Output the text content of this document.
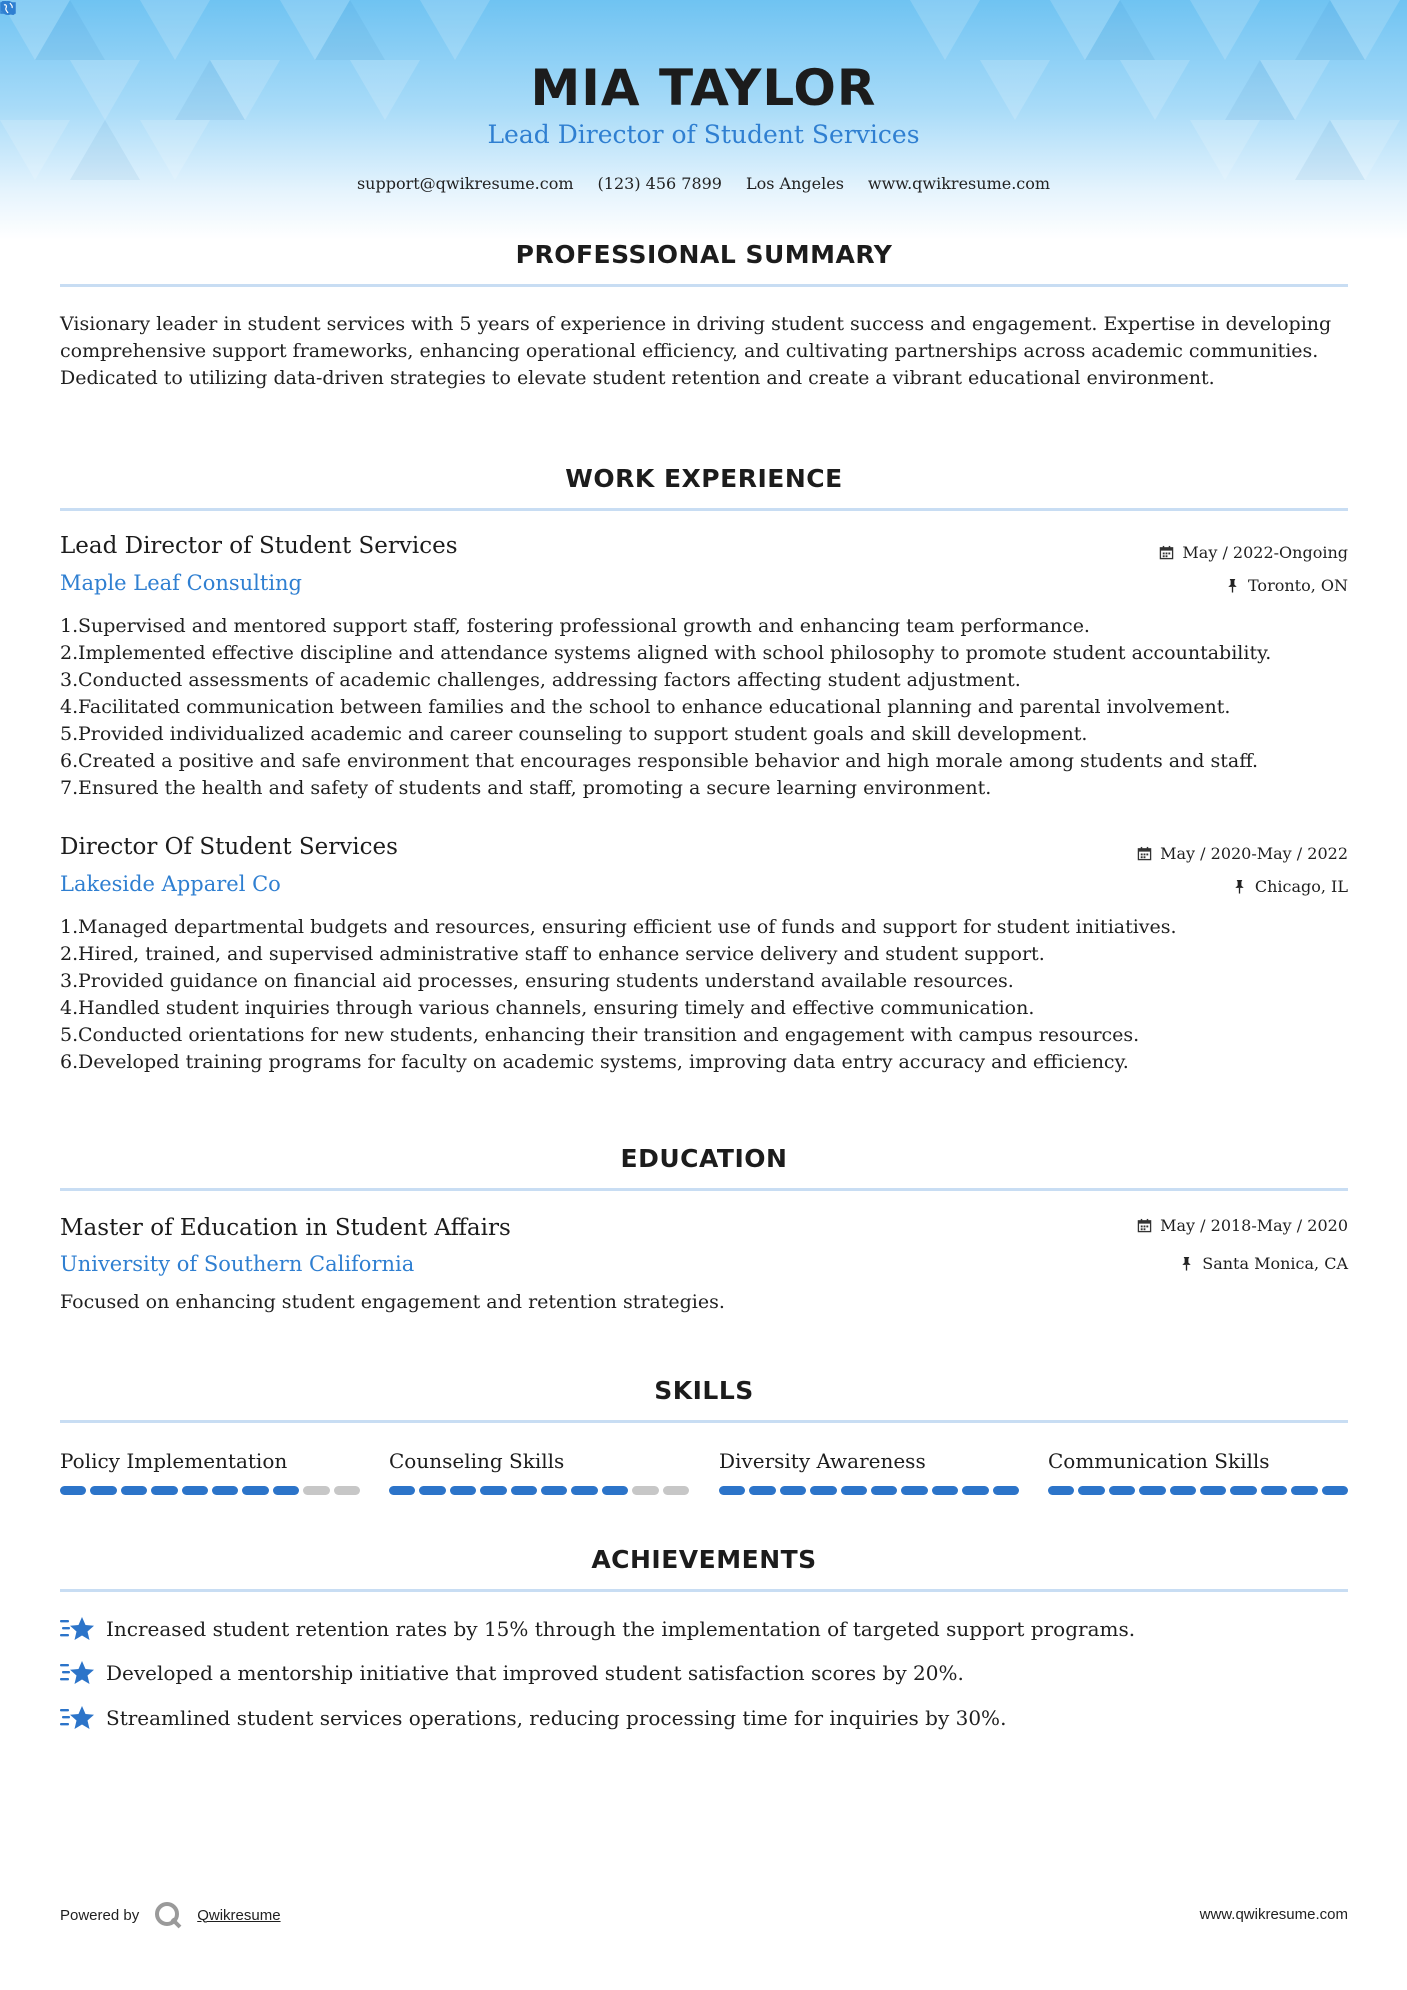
MIA TAYLOR
Lead Director of Student Services
support@qwikresume.com (123) 456 7899 Los Angeles www.qwikresume.com
PROFESSIONAL SUMMARY
Visionary leader in student services with 5 years of experience in driving student success and engagement. Expertise in developing comprehensive support frameworks, enhancing operational efficiency, and cultivating partnerships across academic communities. Dedicated to utilizing data-driven strategies to elevate student retention and create a vibrant educational environment.
WORK EXPERIENCE
Lead Director of Student Services	May / 2022-Ongoing
Maple Leaf Consulting	Toronto, ON
1. Supervised and mentored support staff, fostering professional growth and enhancing team performance.
2. Implemented effective discipline and attendance systems aligned with school philosophy to promote student accountability.
3. Conducted assessments of academic challenges, addressing factors affecting student adjustment.
4. Facilitated communication between families and the school to enhance educational planning and parental involvement.
5. Provided individualized academic and career counseling to support student goals and skill development.
6. Created a positive and safe environment that encourages responsible behavior and high morale among students and staff.
7. Ensured the health and safety of students and staff, promoting a secure learning environment.
Director Of Student Services	May / 2020-May / 2022
Lakeside Apparel Co	Chicago, IL
1. Managed departmental budgets and resources, ensuring efficient use of funds and support for student initiatives.
2. Hired, trained, and supervised administrative staff to enhance service delivery and student support.
3. Provided guidance on financial aid processes, ensuring students understand available resources.
4. Handled student inquiries through various channels, ensuring timely and effective communication.
5. Conducted orientations for new students, enhancing their transition and engagement with campus resources.
6. Developed training programs for faculty on academic systems, improving data entry accuracy and efficiency.
EDUCATION
Master of Education in Student Affairs	May / 2018-May / 2020
University of Southern California	Santa Monica, CA
Focused on enhancing student engagement and retention strategies.
SKILLS
Policy Implementation	Counseling Skills	Diversity Awareness	Communication Skills
ACHIEVEMENTS
Increased student retention rates by 15% through the implementation of targeted support programs.
Developed a mentorship initiative that improved student satisfaction scores by 20%.
Streamlined student services operations, reducing processing time for inquiries by 30%.
Powered by	Qwikresume	www.qwikresume.com
